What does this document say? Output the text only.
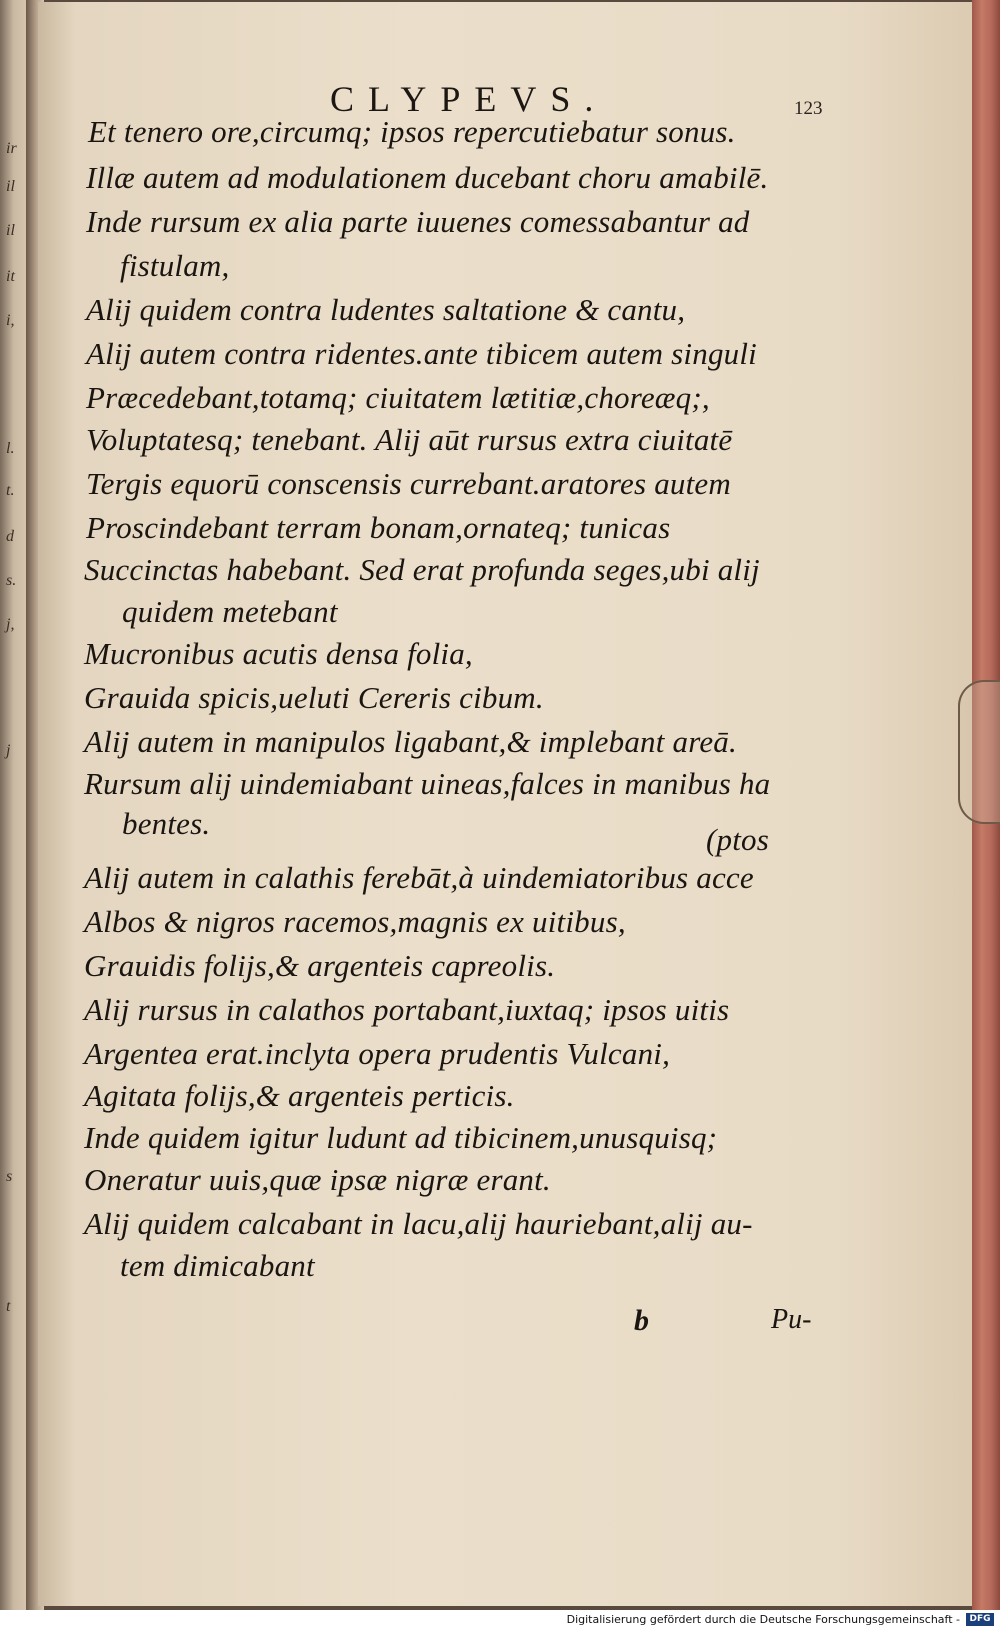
ir
il
il
it
i,
l.
t.
d
s.
j,
j
s
t
CLYPEVS.	123
Et tenero ore,circumq; ipsos repercutiebatur sonus.
Illæ autem ad modulationem ducebant choru amabilē.
Inde rursum ex alia parte iuuenes comessabantur ad
fistulam,
Alij quidem contra ludentes saltatione & cantu,
Alij autem contra ridentes.ante tibicem autem singuli
Præcedebant,totamq; ciuitatem lætitiæ,choreæq;,
Voluptatesq; tenebant. Alij aūt rursus extra ciuitatē
Tergis equorū conscensis currebant.aratores autem
Proscindebant terram bonam,ornateq; tunicas
Succinctas habebant. Sed erat profunda seges,ubi alij
quidem metebant
Mucronibus acutis densa folia,
Grauida spicis,ueluti Cereris cibum.
Alij autem in manipulos ligabant,& implebant areā.
Rursum alij uindemiabant uineas,falces in manibus ha
bentes.	(ptos
Alij autem in calathis ferebāt,à uindemiatoribus acce
Albos & nigros racemos,magnis ex uitibus,
Grauidis folijs,& argenteis capreolis.
Alij rursus in calathos portabant,iuxtaq; ipsos uitis
Argentea erat.inclyta opera prudentis Vulcani,
Agitata folijs,& argenteis perticis.
Inde quidem igitur ludunt ad tibicinem,unusquisq;
Oneratur uuis,quæ ipsæ nigræ erant.
Alij quidem calcabant in lacu,alij hauriebant,alij au-
tem dimicabant
b	Pu-
Digitalisierung gefördert durch die Deutsche Forschungsgemeinschaft -	DFG
